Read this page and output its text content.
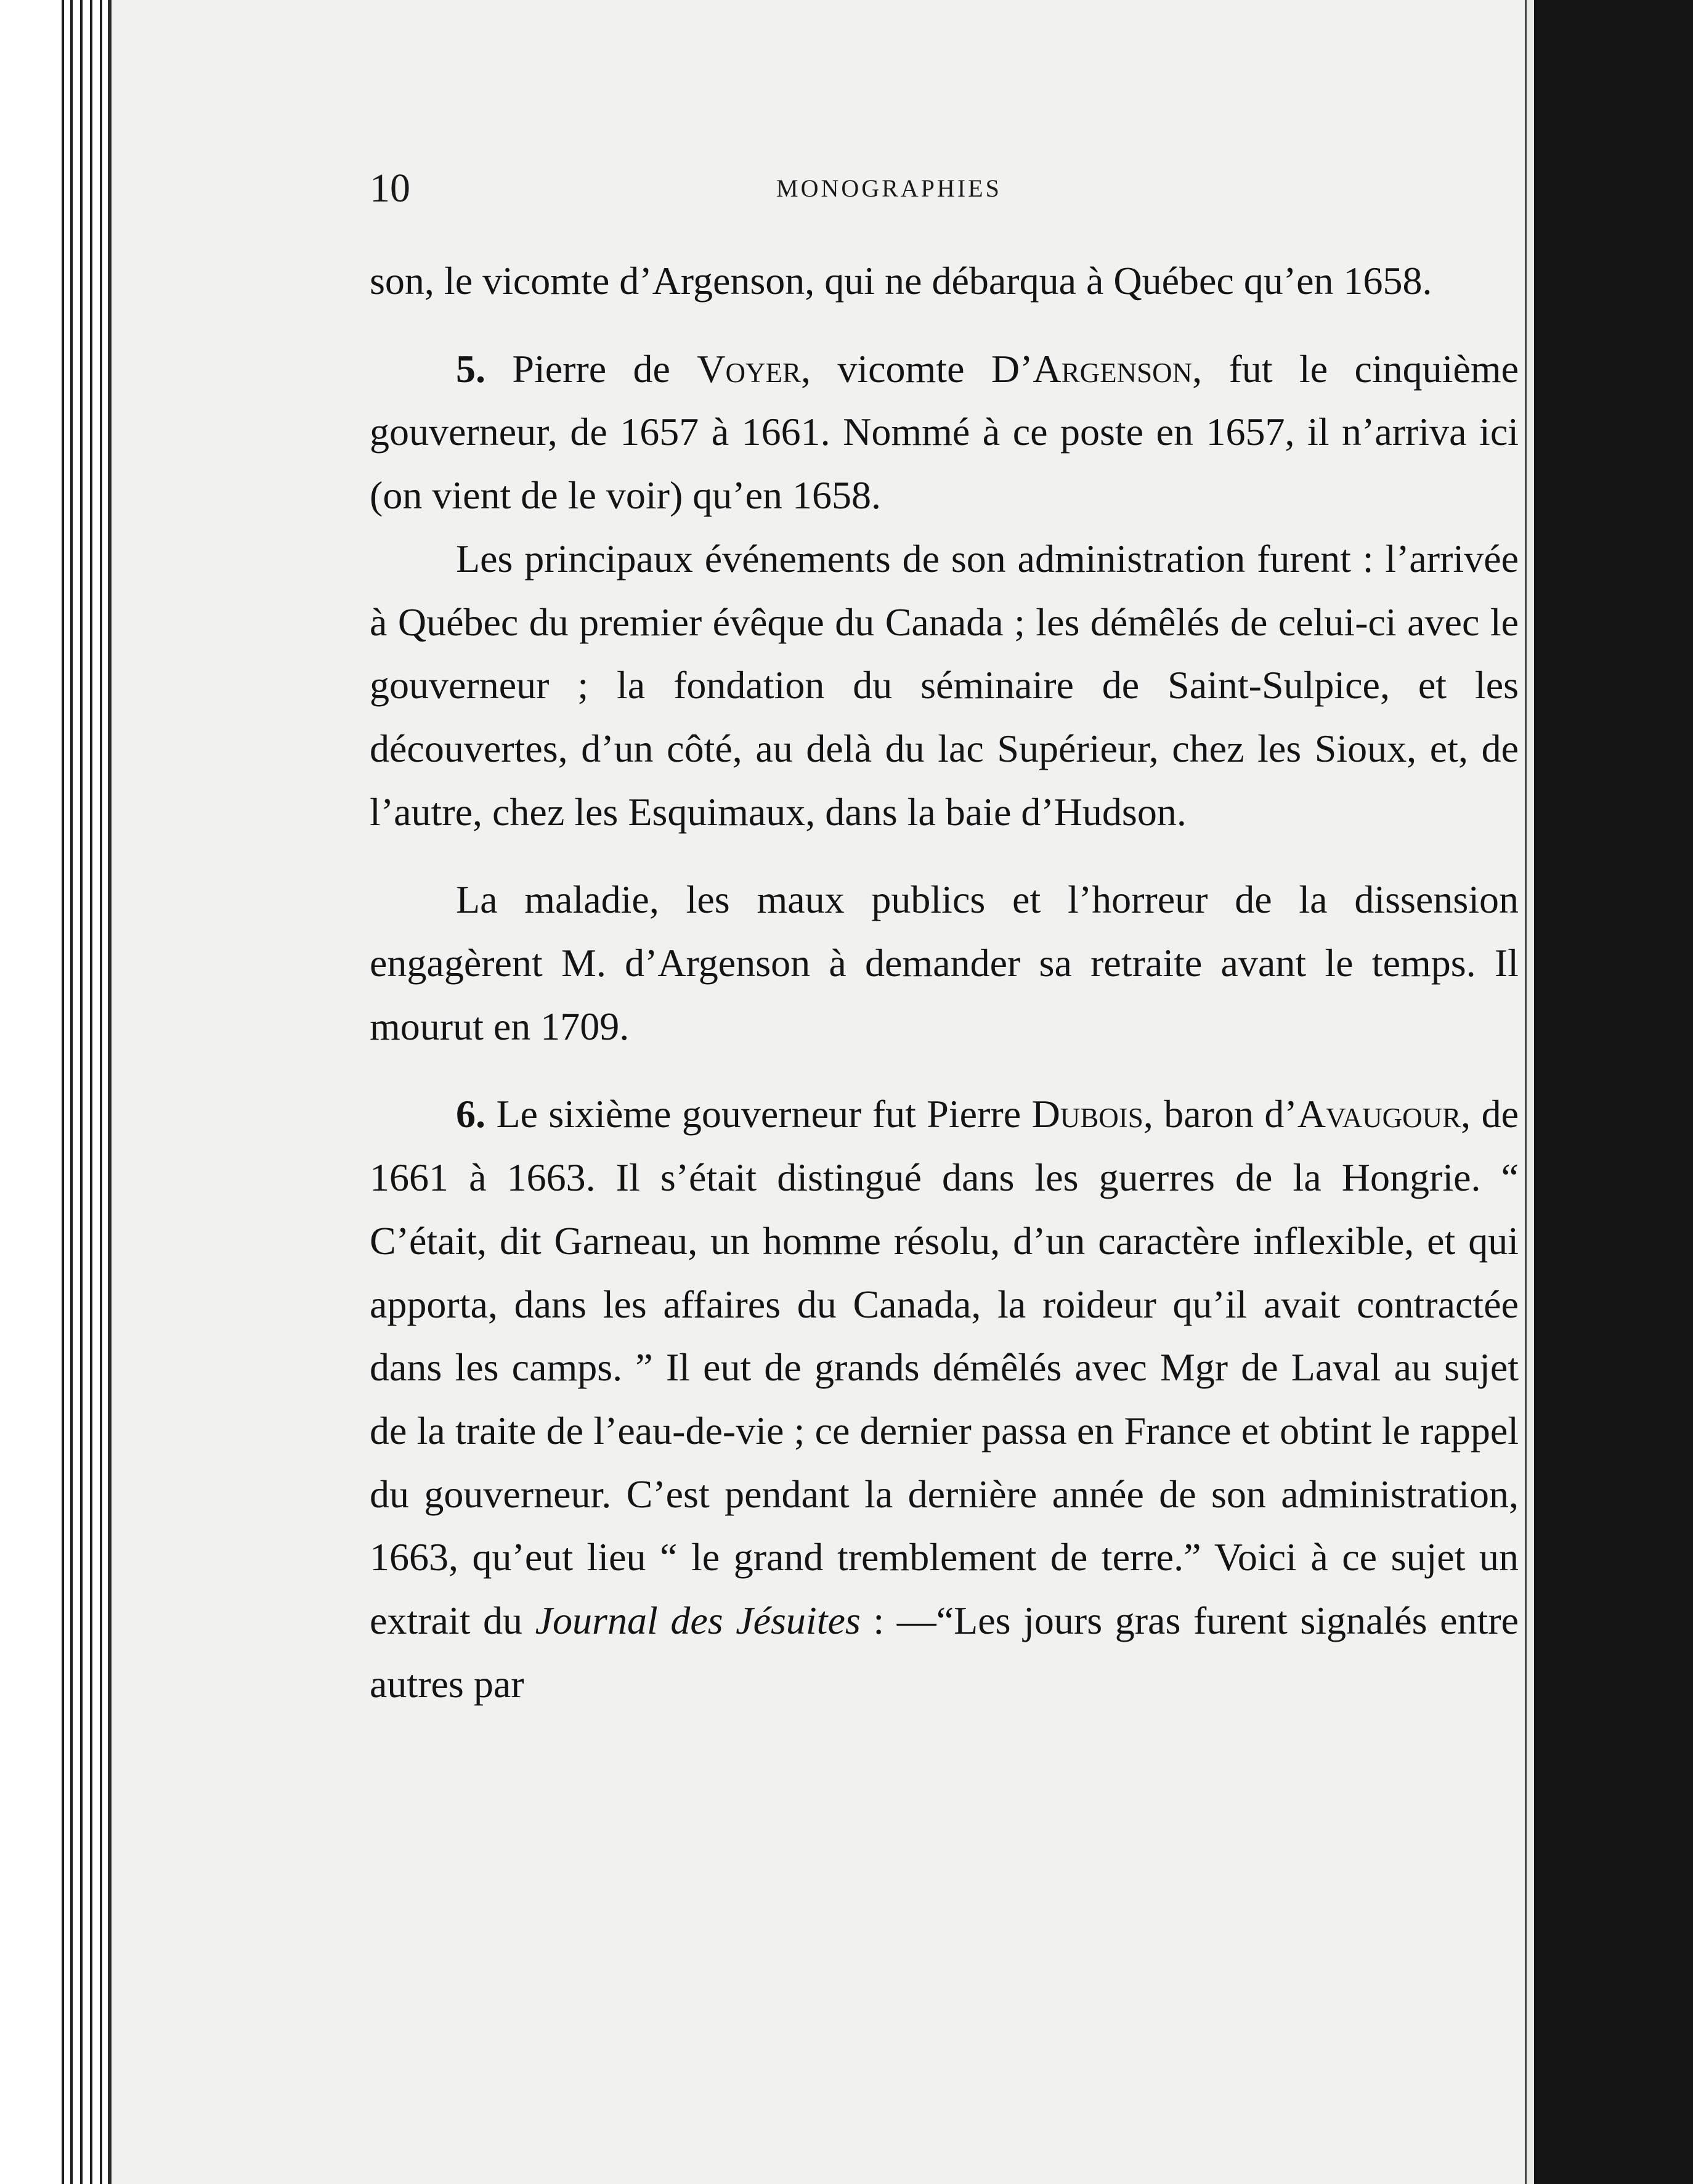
10	MONOGRAPHIES

son, le vicomte d’Argenson, qui ne débarqua à Québec qu’en 1658.

5. Pierre de Voyer, vicomte D’Argenson, fut le cinquième gouverneur, de 1657 à 1661. Nommé à ce poste en 1657, il n’arriva ici (on vient de le voir) qu’en 1658.

Les principaux événements de son administration furent : l’arrivée à Québec du premier évêque du Canada ; les démêlés de celui-ci avec le gouverneur ; la fondation du séminaire de Saint-Sulpice, et les découvertes, d’un côté, au delà du lac Supérieur, chez les Sioux, et, de l’autre, chez les Esquimaux, dans la baie d’Hudson.

La maladie, les maux publics et l’horreur de la dissension engagèrent M. d’Argenson à demander sa retraite avant le temps. Il mourut en 1709.

6. Le sixième gouverneur fut Pierre Dubois, baron d’Avaugour, de 1661 à 1663. Il s’était distingué dans les guerres de la Hongrie. “ C’était, dit Garneau, un homme résolu, d’un caractère inflexible, et qui apporta, dans les affaires du Canada, la roideur qu’il avait contractée dans les camps. ” Il eut de grands démêlés avec Mgr de Laval au sujet de la traite de l’eau-de-vie ; ce dernier passa en France et obtint le rappel du gouverneur. C’est pendant la dernière année de son administration, 1663, qu’eut lieu “ le grand tremblement de terre.” Voici à ce sujet un extrait du Journal des Jésuites : —“Les jours gras furent signalés entre autres par
